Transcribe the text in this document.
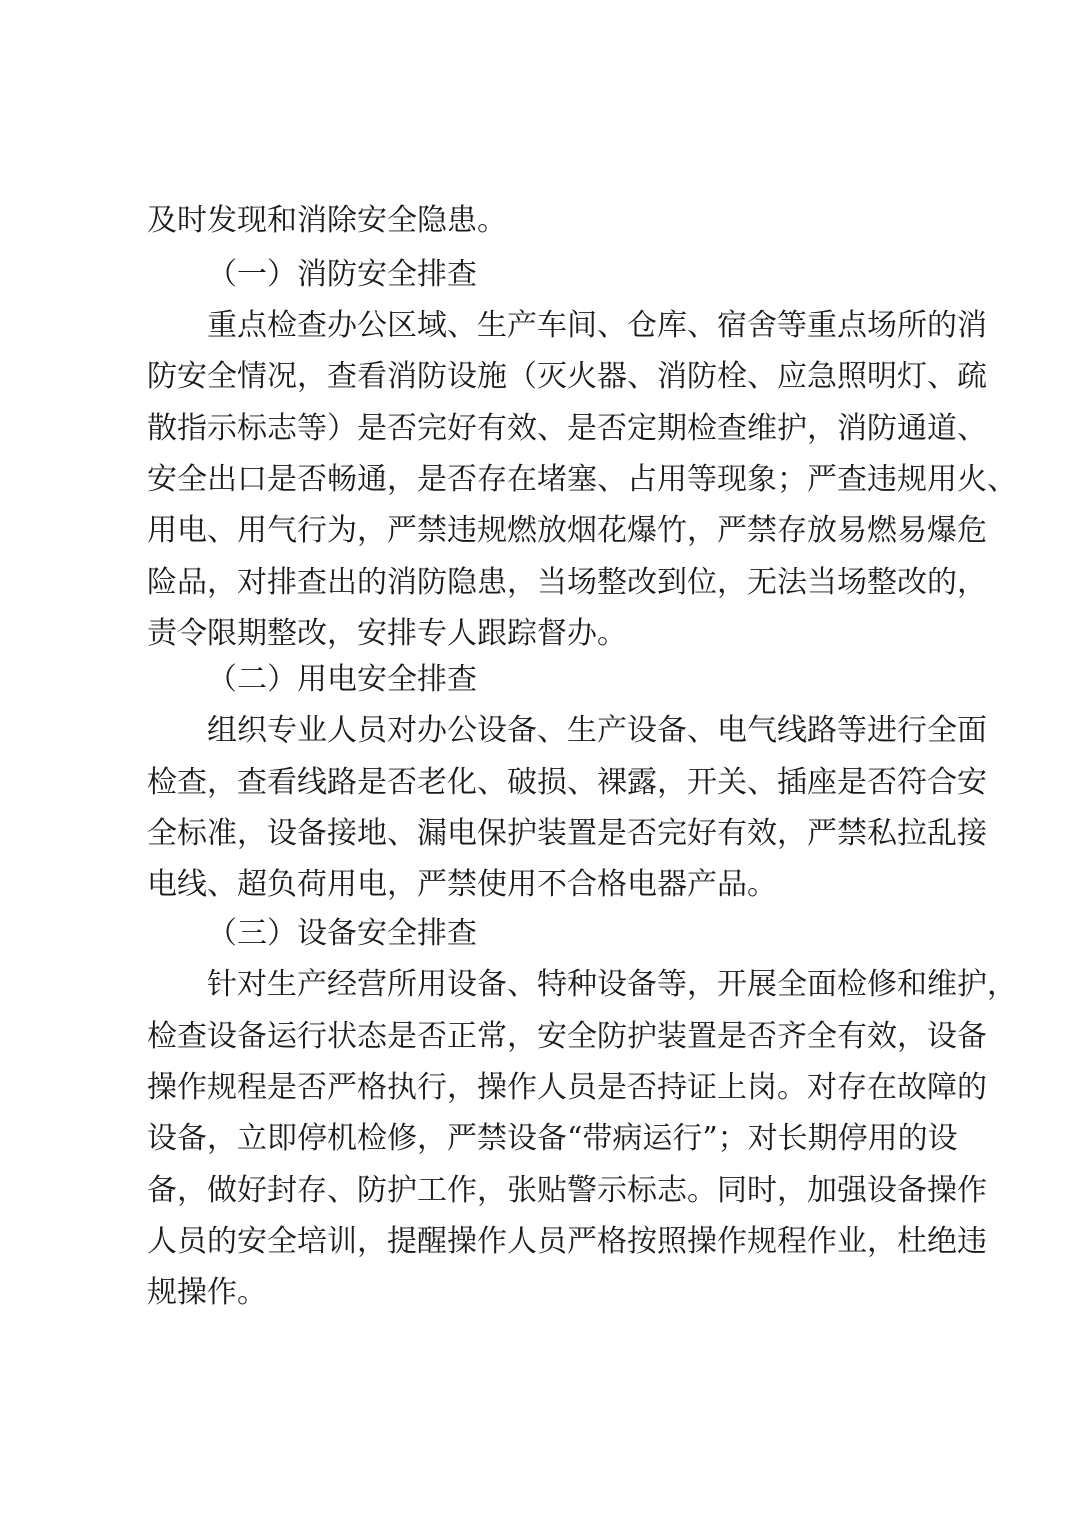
及时发现和消除安全隐患。
（一）消防安全排查
重点检查办公区域、生产车间、仓库、宿舍等重点场所的消
防安全情况，查看消防设施（灭火器、消防栓、应急照明灯、疏
散指示标志等）是否完好有效、是否定期检查维护，消防通道、
安全出口是否畅通，是否存在堵塞、占用等现象；严查违规用火、
用电、用气行为，严禁违规燃放烟花爆竹，严禁存放易燃易爆危
险品，对排查出的消防隐患，当场整改到位，无法当场整改的，
责令限期整改，安排专人跟踪督办。
（二）用电安全排查
组织专业人员对办公设备、生产设备、电气线路等进行全面
检查，查看线路是否老化、破损、裸露，开关、插座是否符合安
全标准，设备接地、漏电保护装置是否完好有效，严禁私拉乱接
电线、超负荷用电，严禁使用不合格电器产品。
（三）设备安全排查
针对生产经营所用设备、特种设备等，开展全面检修和维护，
检查设备运行状态是否正常，安全防护装置是否齐全有效，设备
操作规程是否严格执行，操作人员是否持证上岗。对存在故障的
设备，立即停机检修，严禁设备“带病运行”；对长期停用的设
备，做好封存、防护工作，张贴警示标志。同时，加强设备操作
人员的安全培训，提醒操作人员严格按照操作规程作业，杜绝违
规操作。
